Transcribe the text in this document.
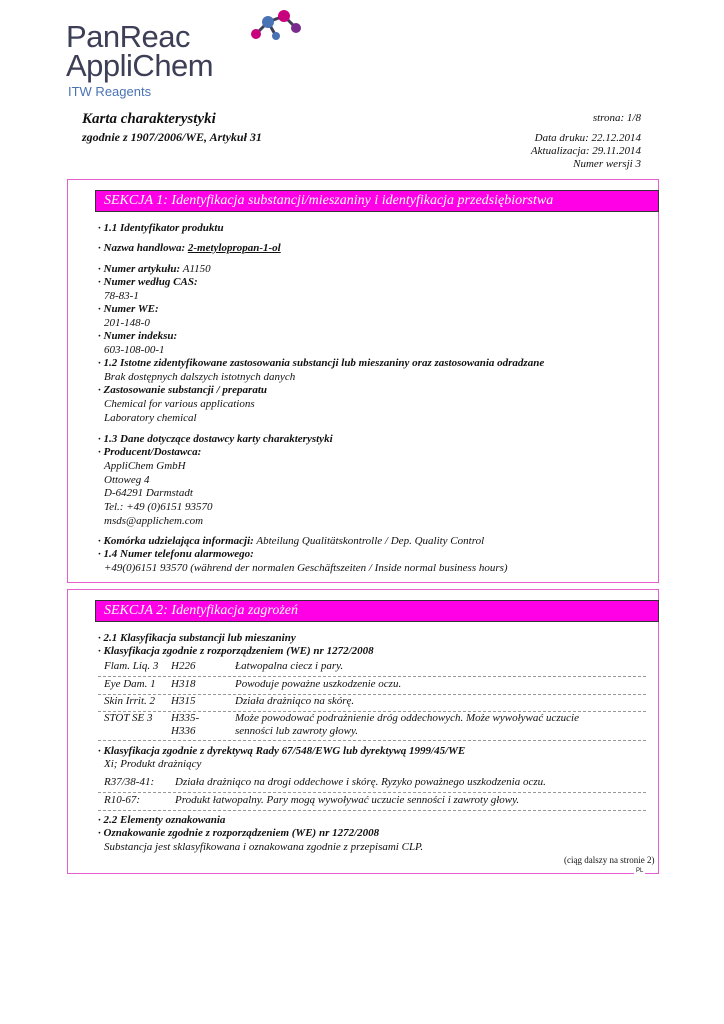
PanReac
AppliChem
ITW Reagents
Karta charakterystyki
zgodnie z 1907/2006/WE, Artykuł 31
strona: 1/8
Data druku: 22.12.2014
Aktualizacja: 29.11.2014
Numer wersji 3
SEKCJA 1: Identyfikacja substancji/mieszaniny i identyfikacja przedsiębiorstwa
· 1.1 Identyfikator produktu
· Nazwa handlowa: 2-metylopropan-1-ol
· Numer artykułu: A1150
· Numer według CAS:
78-83-1
· Numer WE:
201-148-0
· Numer indeksu:
603-108-00-1
· 1.2 Istotne zidentyfikowane zastosowania substancji lub mieszaniny oraz zastosowania odradzane
Brak dostępnych dalszych istotnych danych
· Zastosowanie substancji / preparatu
Chemical for various applications
Laboratory chemical
· 1.3 Dane dotyczące dostawcy karty charakterystyki
· Producent/Dostawca:
AppliChem GmbH
Ottoweg 4
D-64291 Darmstadt
Tel.: +49 (0)6151 93570
msds@applichem.com
· Komórka udzielająca informacji: Abteilung Qualitätskontrolle / Dep. Quality Control
· 1.4 Numer telefonu alarmowego:
+49(0)6151 93570 (während der normalen Geschäftszeiten / Inside normal business hours)
SEKCJA 2: Identyfikacja zagrożeń
· 2.1 Klasyfikacja substancji lub mieszaniny
· Klasyfikacja zgodnie z rozporządzeniem (WE) nr 1272/2008
Flam. Liq. 3 H226	Łatwopalna ciecz i pary.
Eye Dam. 1 H318	Powoduje poważne uszkodzenie oczu.
Skin Irrit. 2 H315	Działa drażniąco na skórę.
STOT SE 3 H335-H336
Może powodować podrażnienie dróg oddechowych. Może wywoływać uczucie
senności lub zawroty głowy.
· Klasyfikacja zgodnie z dyrektywą Rady 67/548/EWG lub dyrektywą 1999/45/WE
Xi; Produkt drażniący
R37/38-41: Działa drażniąco na drogi oddechowe i skórę. Ryzyko poważnego uszkodzenia oczu.
R10-67:	Produkt łatwopalny. Pary mogą wywoływać uczucie senności i zawroty głowy.
· 2.2 Elementy oznakowania
· Oznakowanie zgodnie z rozporządzeniem (WE) nr 1272/2008
Substancja jest sklasyfikowana i oznakowana zgodnie z przepisami CLP.
(ciąg dalszy na stronie 2)
PL
